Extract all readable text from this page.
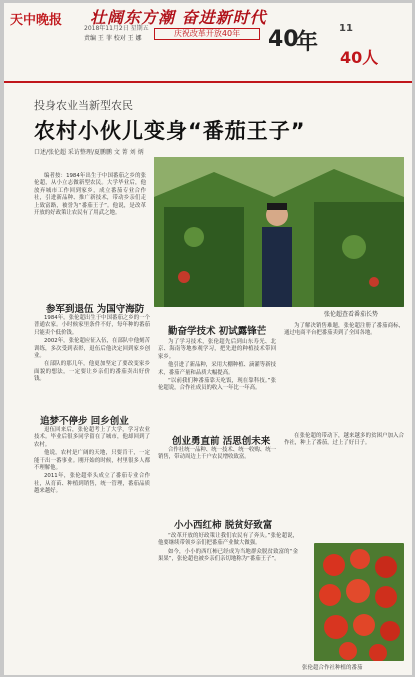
天中晚报 壮阔东方潮 奋进新时代
2018年11月2日 星期五
责编 王 菲 校对 王 娜
庆祝改革开放40年	40
年
11
40人
投身农业当新型农民
农村小伙儿变身“番茄王子”
口述/张伦超 采访整理/夏鹏鹏 文 菁 刘 炳
张伦超查看番茄长势
编者按：1984年出生于中国番茄之乡的张伦超，从小立志做新型农民。大学毕业后，他放弃城市工作回到家乡，成立番茄专业合作社，引进新品种、推广新技术，带动乡亲们走上致富路，被誉为“番茄王子”。他说，是改革开放的好政策让农民有了用武之地。
参军到退伍 为国守海防

1984年，张伦超出生于中国番茄之乡的一个普通农家。小时候家里条件不好，每年种的番茄只能卖个低价钱。

2002年，张伦超应征入伍，在部队中他刻苦训练，多次受到表彰，退伍后他决定回到家乡创业。

在部队的那几年，他更加坚定了要改变家乡面貌的想法，一定要让乡亲们的番茄卖出好价钱。

追梦不停步 回乡创业

退伍回来后，张伦超考上了大学，学习农业技术。毕业后很多同学留在了城市，他却回到了农村。

他说，农村是广阔的天地，只要肯干，一定能干出一番事业。刚开始的时候，村里很多人都不理解他。

2011年，张伦超牵头成立了番茄专业合作社，从育苗、种植到销售，统一管理，番茄品质越来越好。

勤奋学技术 初试露锋芒

为了学习技术，张伦超先后到山东寿光、北京、海南等地参观学习，把先进的种植技术带回家乡。

他引进了新品种，采用大棚种植、滴灌等新技术，番茄产量和品质大幅提高。

“以前我们种番茄靠天吃饭，现在靠科技。”张伦超说，合作社成员的收入一年比一年高。

为了解决销售难题，张伦超注册了番茄商标，通过电商平台把番茄卖到了全国各地。

创业勇直前 活思创未来

合作社统一品种、统一技术、统一收购、统一销售，带动周边上千户农民增收致富。

在张伦超的带动下，越来越多的贫困户加入合作社，种上了番茄，过上了好日子。

小小西红柿 脱贫好致富

“改革开放的好政策让我们农民有了奔头。”张伦超说，他要继续带领乡亲们把番茄产业做大做强。

如今，小小的西红柿已经成为当地群众脱贫致富的“金果果”，张伦超也被乡亲们亲切地称为“番茄王子”。

张伦超合作社种植的番茄
